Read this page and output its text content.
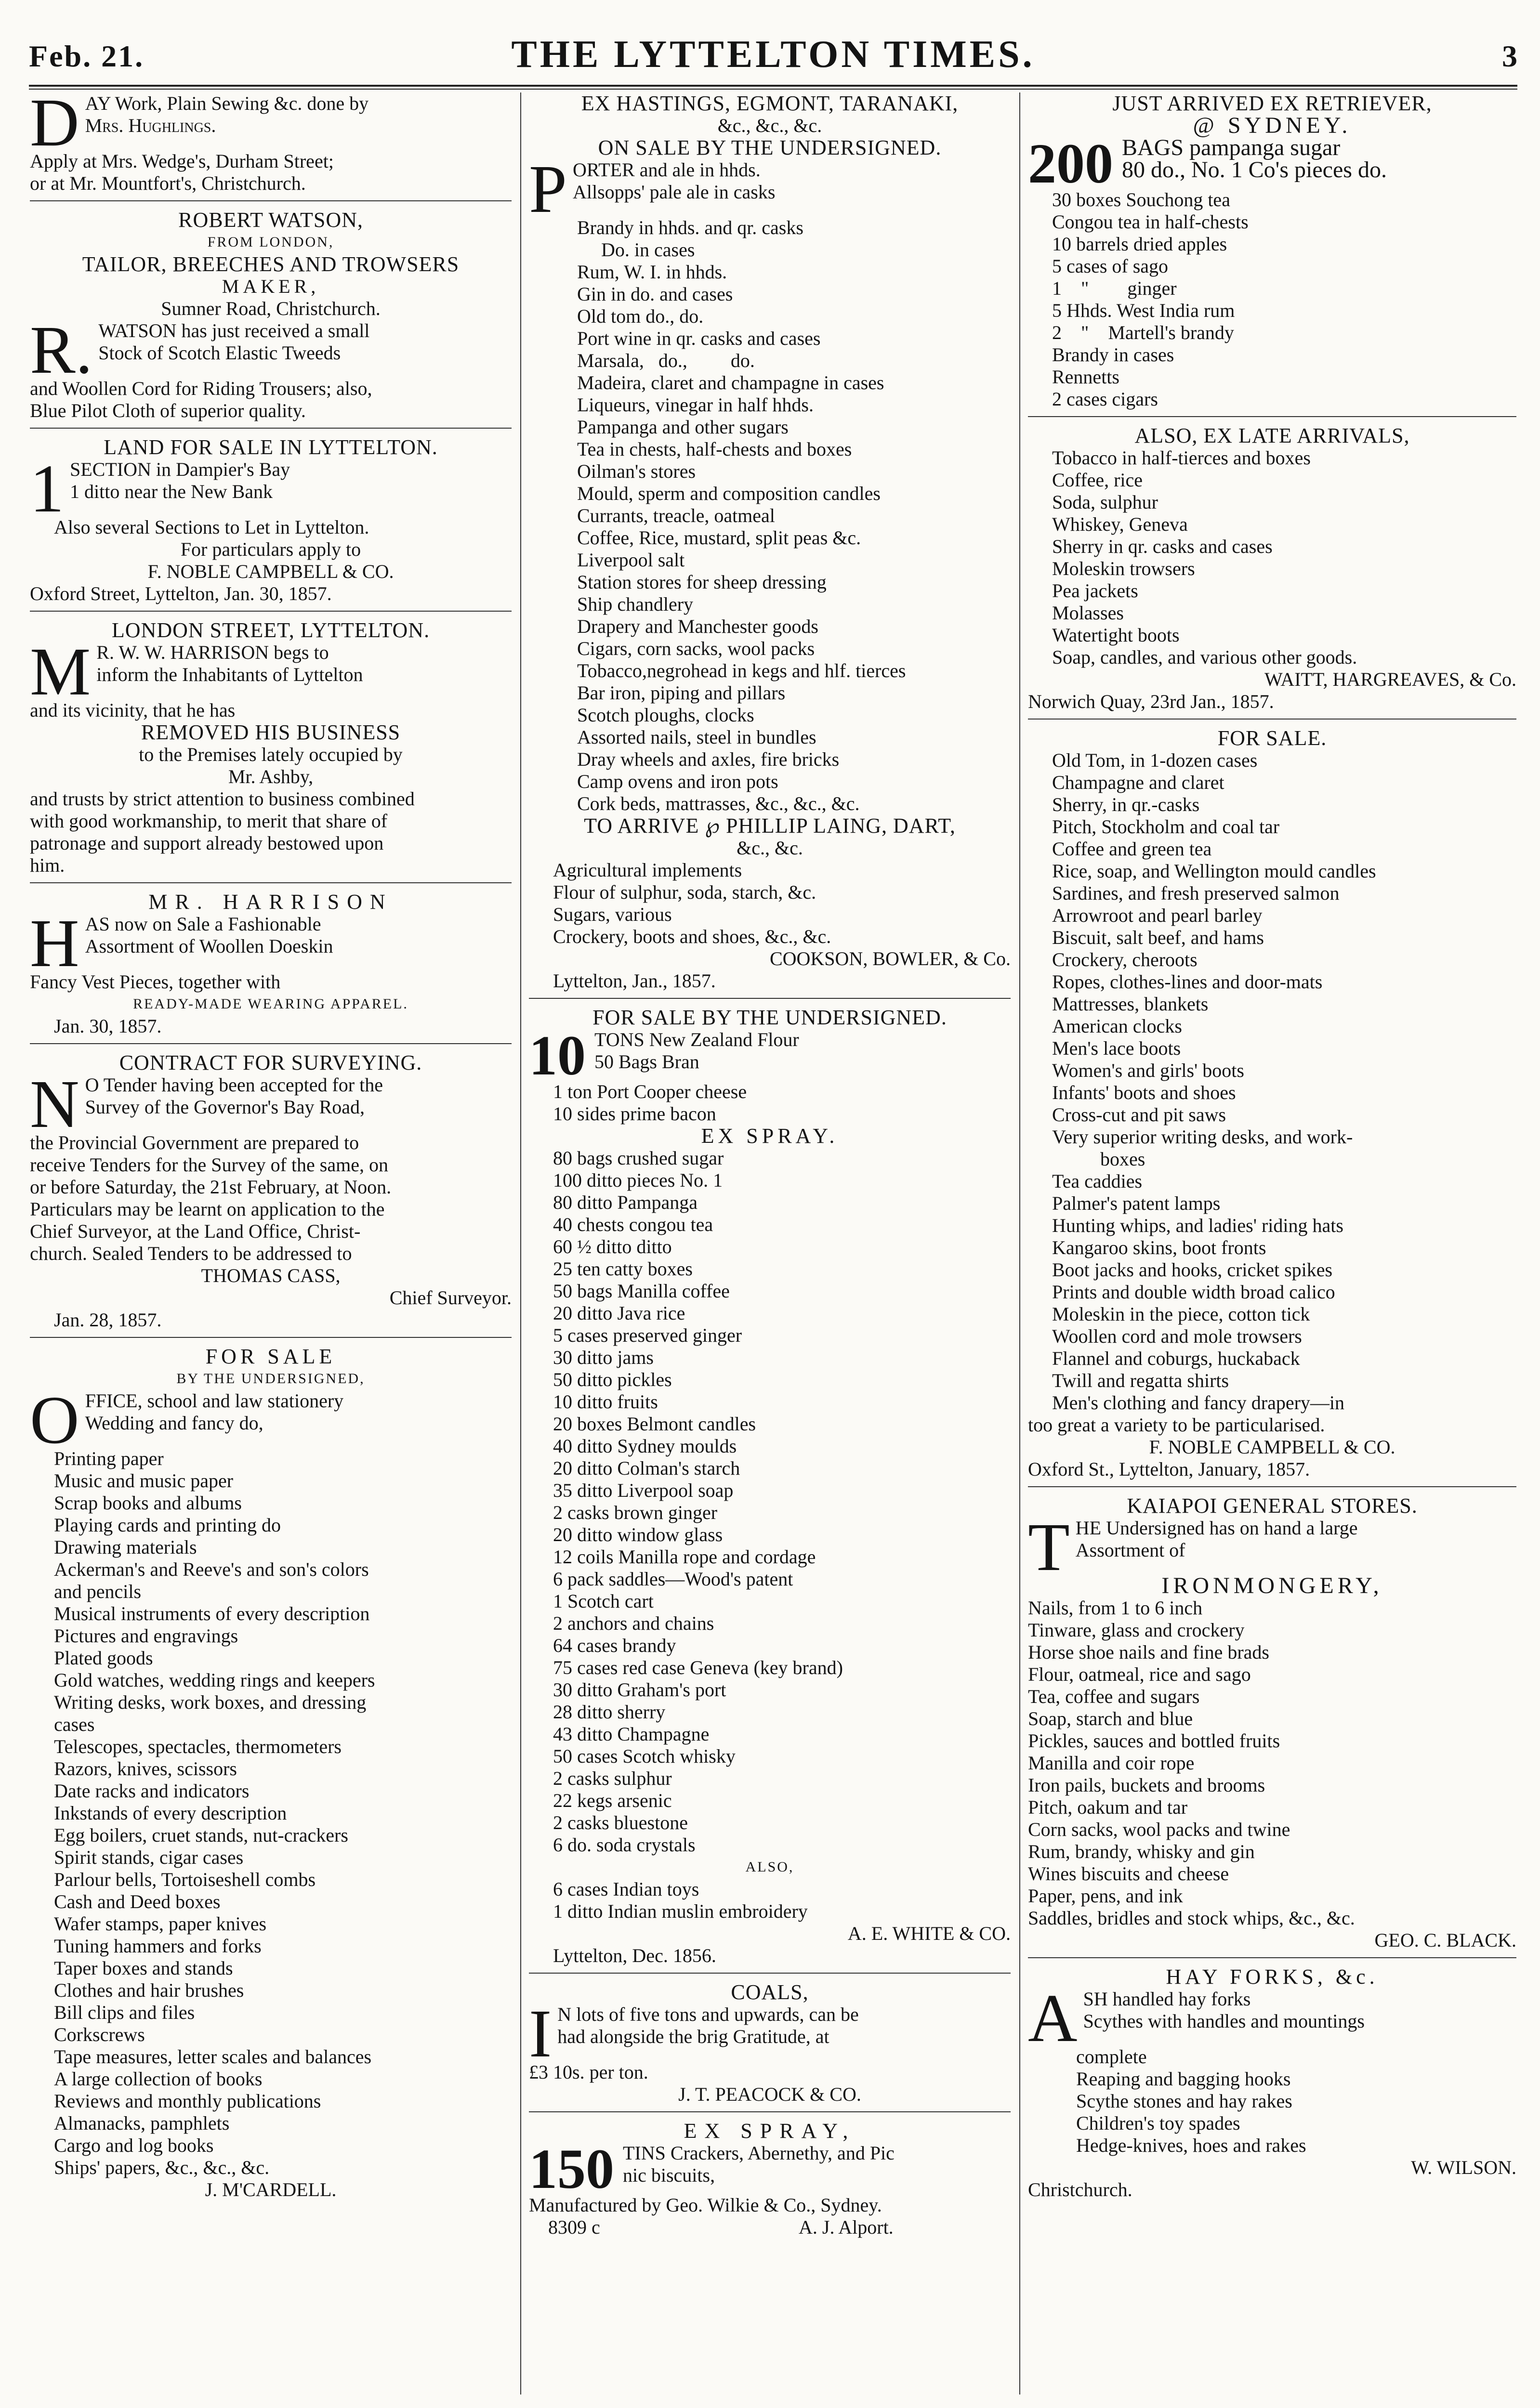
Feb. 21.	THE LYTTELTON TIMES.	3
D AY Work, Plain Sewing &c. done by
Mrs. Hughlings.
Apply at Mrs. Wedge's, Durham Street;
or at Mr. Mountfort's, Christchurch.
ROBERT WATSON,
FROM LONDON,
TAILOR, BREECHES AND TROWSERS
MAKER,
Sumner Road, Christchurch.
R. WATSON has just received a small
Stock of Scotch Elastic Tweeds
and Woollen Cord for Riding Trousers; also,
Blue Pilot Cloth of superior quality.
LAND FOR SALE IN LYTTELTON.
1 SECTION in Dampier's Bay
1 ditto near the New Bank
Also several Sections to Let in Lyttelton.
For particulars apply to
F. NOBLE CAMPBELL & CO.
Oxford Street, Lyttelton, Jan. 30, 1857.
LONDON STREET, LYTTELTON.
M R. W. W. HARRISON begs to
inform the Inhabitants of Lyttelton
and its vicinity, that he has
REMOVED HIS BUSINESS
to the Premises lately occupied by
Mr. Ashby,
and trusts by strict attention to business combined
with good workmanship, to merit that share of
patronage and support already bestowed upon
him.
MR. HARRISON
H AS now on Sale a Fashionable
Assortment of Woollen Doeskin
Fancy Vest Pieces, together with
READY-MADE WEARING APPAREL.
Jan. 30, 1857.
CONTRACT FOR SURVEYING.
N O Tender having been accepted for the
Survey of the Governor's Bay Road,
the Provincial Government are prepared to
receive Tenders for the Survey of the same, on
or before Saturday, the 21st February, at Noon.
Particulars may be learnt on application to the
Chief Surveyor, at the Land Office, Christ-
church. Sealed Tenders to be addressed to
THOMAS CASS,
Chief Surveyor.
Jan. 28, 1857.
FOR SALE
BY THE UNDERSIGNED,
O FFICE, school and law stationery
Wedding and fancy do,
Printing paper
Music and music paper
Scrap books and albums
Playing cards and printing do
Drawing materials
Ackerman's and Reeve's and son's colors
and pencils
Musical instruments of every description
Pictures and engravings
Plated goods
Gold watches, wedding rings and keepers
Writing desks, work boxes, and dressing
cases
Telescopes, spectacles, thermometers
Razors, knives, scissors
Date racks and indicators
Inkstands of every description
Egg boilers, cruet stands, nut-crackers
Spirit stands, cigar cases
Parlour bells, Tortoiseshell combs
Cash and Deed boxes
Wafer stamps, paper knives
Tuning hammers and forks
Taper boxes and stands
Clothes and hair brushes
Bill clips and files
Corkscrews
Tape measures, letter scales and balances
A large collection of books
Reviews and monthly publications
Almanacks, pamphlets
Cargo and log books
Ships' papers, &c., &c., &c.
J. M'CARDELL.
EX HASTINGS, EGMONT, TARANAKI,
&c., &c., &c.
ON SALE BY THE UNDERSIGNED.
P ORTER and ale in hhds.
Allsopps' pale ale in casks
Brandy in hhds. and qr. casks
Do. in cases
Rum, W. I. in hhds.
Gin in do. and cases
Old tom do., do.
Port wine in qr. casks and cases
Marsala,   do.,         do.
Madeira, claret and champagne in cases
Liqueurs, vinegar in half hhds.
Pampanga and other sugars
Tea in chests, half-chests and boxes
Oilman's stores
Mould, sperm and composition candles
Currants, treacle, oatmeal
Coffee, Rice, mustard, split peas &c.
Liverpool salt
Station stores for sheep dressing
Ship chandlery
Drapery and Manchester goods
Cigars, corn sacks, wool packs
Tobacco,negrohead in kegs and hlf. tierces
Bar iron, piping and pillars
Scotch ploughs, clocks
Assorted nails, steel in bundles
Dray wheels and axles, fire bricks
Camp ovens and iron pots
Cork beds, mattrasses, &c., &c., &c.
TO ARRIVE ℘ PHILLIP LAING, DART,
&c., &c.
Agricultural implements
Flour of sulphur, soda, starch, &c.
Sugars, various
Crockery, boots and shoes, &c., &c.
COOKSON, BOWLER, & Co.
Lyttelton, Jan., 1857.
FOR SALE BY THE UNDERSIGNED.
10 TONS New Zealand Flour
50 Bags Bran
1 ton Port Cooper cheese
10 sides prime bacon
EX SPRAY.
80 bags crushed sugar
100 ditto pieces No. 1
80 ditto Pampanga
40 chests congou tea
60 ½ ditto ditto
25 ten catty boxes
50 bags Manilla coffee
20 ditto Java rice
5 cases preserved ginger
30 ditto jams
50 ditto pickles
10 ditto fruits
20 boxes Belmont candles
40 ditto Sydney moulds
20 ditto Colman's starch
35 ditto Liverpool soap
2 casks brown ginger
20 ditto window glass
12 coils Manilla rope and cordage
6 pack saddles—Wood's patent
1 Scotch cart
2 anchors and chains
64 cases brandy
75 cases red case Geneva (key brand)
30 ditto Graham's port
28 ditto sherry
43 ditto Champagne
50 cases Scotch whisky
2 casks sulphur
22 kegs arsenic
2 casks bluestone
6 do. soda crystals
ALSO,
6 cases Indian toys
1 ditto Indian muslin embroidery
A. E. WHITE & CO.
Lyttelton, Dec. 1856.
COALS,
I N lots of five tons and upwards, can be
had alongside the brig Gratitude, at
£3 10s. per ton.
J. T. PEACOCK & CO.
EX SPRAY,
150 TINS Crackers, Abernethy, and Pic
nic biscuits,
Manufactured by Geo. Wilkie & Co., Sydney.
8309 c	A. J. Alport.
JUST ARRIVED EX RETRIEVER,
@ SYDNEY.
200 BAGS pampanga sugar
80 do., No. 1 Co's pieces do.
30 boxes Souchong tea
Congou tea in half-chests
10 barrels dried apples
5 cases of sago
1    "        ginger
5 Hhds. West India rum
2    "    Martell's brandy
Brandy in cases
Rennetts
2 cases cigars
ALSO, EX LATE ARRIVALS,
Tobacco in half-tierces and boxes
Coffee, rice
Soda, sulphur
Whiskey, Geneva
Sherry in qr. casks and cases
Moleskin trowsers
Pea jackets
Molasses
Watertight boots
Soap, candles, and various other goods.
WAITT, HARGREAVES, & Co.
Norwich Quay, 23rd Jan., 1857.
FOR SALE.
Old Tom, in 1-dozen cases
Champagne and claret
Sherry, in qr.-casks
Pitch, Stockholm and coal tar
Coffee and green tea
Rice, soap, and Wellington mould candles
Sardines, and fresh preserved salmon
Arrowroot and pearl barley
Biscuit, salt beef, and hams
Crockery, cheroots
Ropes, clothes-lines and door-mats
Mattresses, blankets
American clocks
Men's lace boots
Women's and girls' boots
Infants' boots and shoes
Cross-cut and pit saws
Very superior writing desks, and work-
boxes
Tea caddies
Palmer's patent lamps
Hunting whips, and ladies' riding hats
Kangaroo skins, boot fronts
Boot jacks and hooks, cricket spikes
Prints and double width broad calico
Moleskin in the piece, cotton tick
Woollen cord and mole trowsers
Flannel and coburgs, huckaback
Twill and regatta shirts
Men's clothing and fancy drapery—in
too great a variety to be particularised.
F. NOBLE CAMPBELL & CO.
Oxford St., Lyttelton, January, 1857.
KAIAPOI GENERAL STORES.
T HE Undersigned has on hand a large
Assortment of
IRONMONGERY,
Nails, from 1 to 6 inch
Tinware, glass and crockery
Horse shoe nails and fine brads
Flour, oatmeal, rice and sago
Tea, coffee and sugars
Soap, starch and blue
Pickles, sauces and bottled fruits
Manilla and coir rope
Iron pails, buckets and brooms
Pitch, oakum and tar
Corn sacks, wool packs and twine
Rum, brandy, whisky and gin
Wines biscuits and cheese
Paper, pens, and ink
Saddles, bridles and stock whips, &c., &c.
GEO. C. BLACK.
HAY FORKS, &c.
A SH handled hay forks
Scythes with handles and mountings
complete
Reaping and bagging hooks
Scythe stones and hay rakes
Children's toy spades
Hedge-knives, hoes and rakes
W. WILSON.
Christchurch.
